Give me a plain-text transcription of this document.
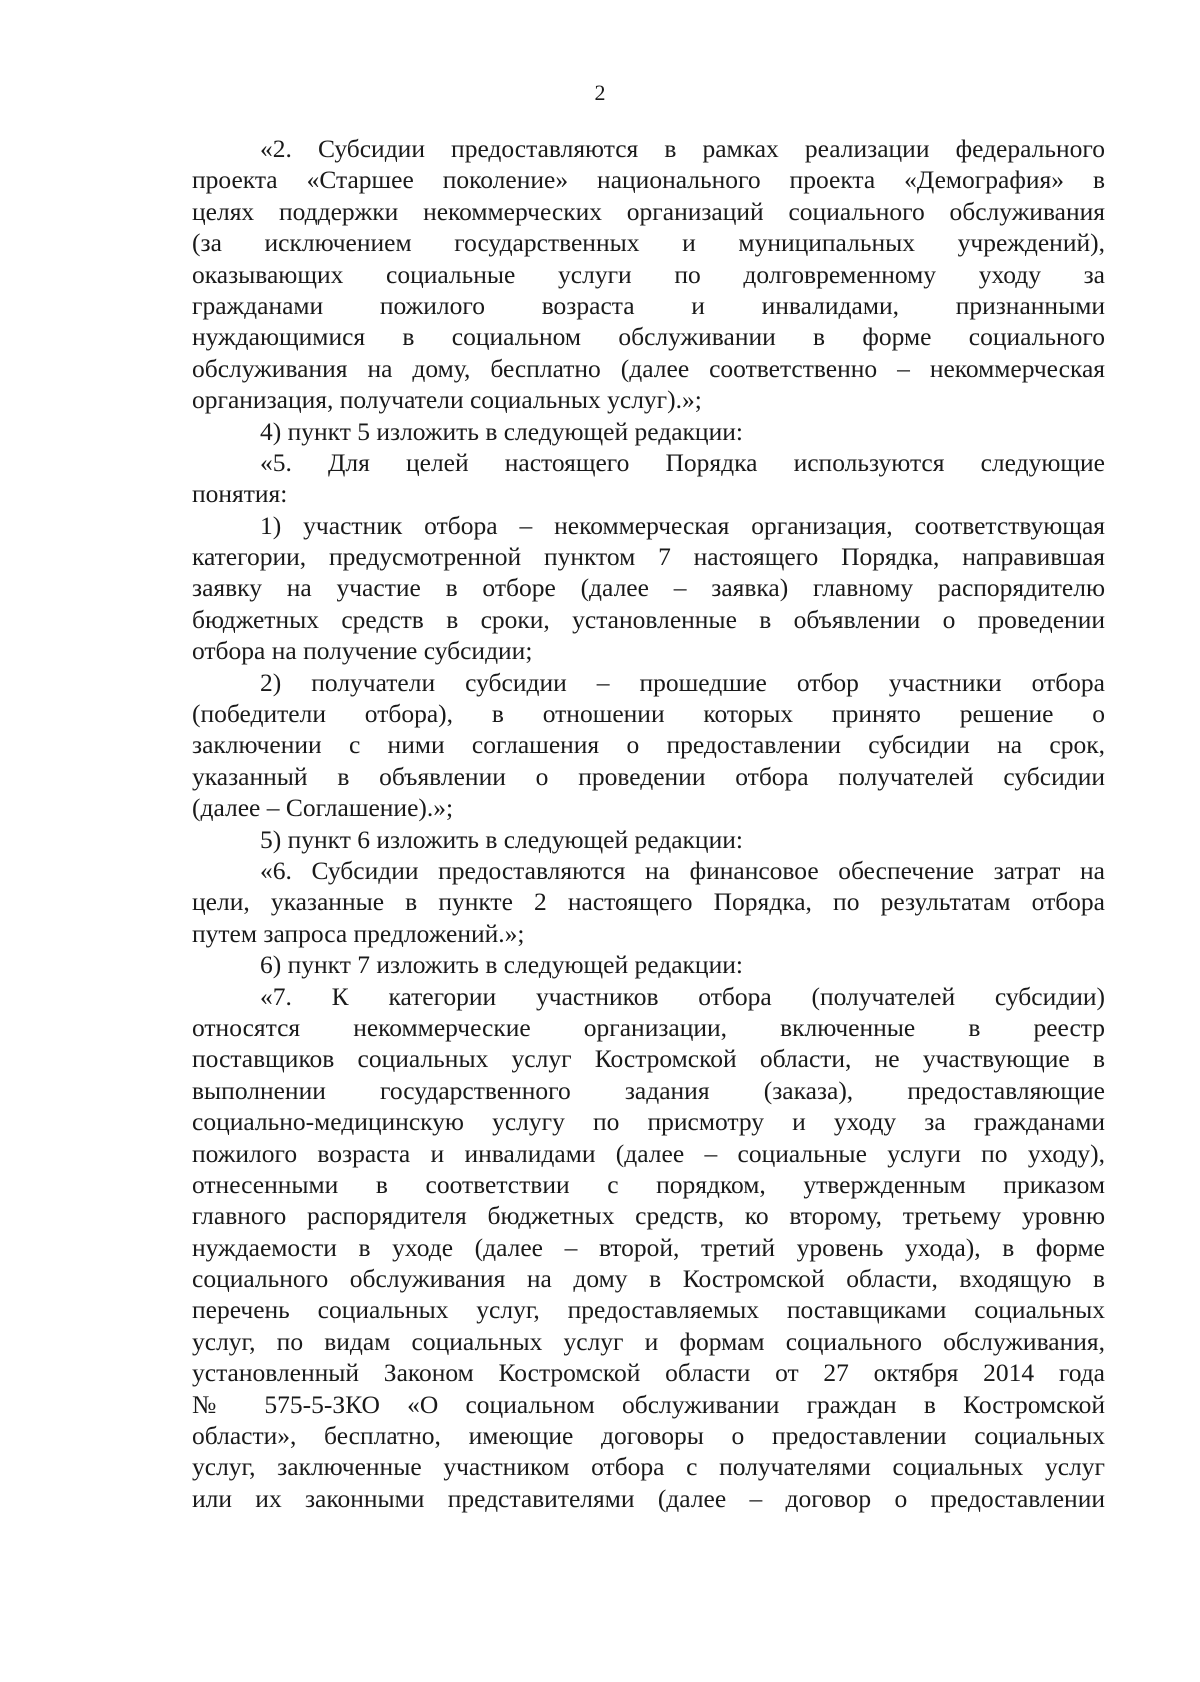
2
«2. Субсидии предоставляются в рамках реализации федерального
проекта «Старшее поколение» национального проекта «Демография» в
целях поддержки некоммерческих организаций социального обслуживания
(за исключением государственных и муниципальных учреждений),
оказывающих социальные услуги по долговременному уходу за
гражданами пожилого возраста и инвалидами, признанными
нуждающимися в социальном обслуживании в форме социального
обслуживания на дому, бесплатно (далее соответственно – некоммерческая
организация, получатели социальных услуг).»;
4) пункт 5 изложить в следующей редакции:
«5. Для целей настоящего Порядка используются следующие
понятия:
1) участник отбора – некоммерческая организация, соответствующая
категории, предусмотренной пунктом 7 настоящего Порядка, направившая
заявку на участие в отборе (далее – заявка) главному распорядителю
бюджетных средств в сроки, установленные в объявлении о проведении
отбора на получение субсидии;
2) получатели субсидии – прошедшие отбор участники отбора
(победители отбора), в отношении которых принято решение о
заключении с ними соглашения о предоставлении субсидии на срок,
указанный в объявлении о проведении отбора получателей субсидии
(далее – Соглашение).»;
5) пункт 6 изложить в следующей редакции:
«6. Субсидии предоставляются на финансовое обеспечение затрат на
цели, указанные в пункте 2 настоящего Порядка, по результатам отбора
путем запроса предложений.»;
6) пункт 7 изложить в следующей редакции:
«7. К категории участников отбора (получателей субсидии)
относятся некоммерческие организации, включенные в реестр
поставщиков социальных услуг Костромской области, не участвующие в
выполнении государственного задания (заказа), предоставляющие
социально-медицинскую услугу по присмотру и уходу за гражданами
пожилого возраста и инвалидами (далее – социальные услуги по уходу),
отнесенными в соответствии с порядком, утвержденным приказом
главного распорядителя бюджетных средств, ко второму, третьему уровню
нуждаемости в уходе (далее – второй, третий уровень ухода), в форме
социального обслуживания на дому в Костромской области, входящую в
перечень социальных услуг, предоставляемых поставщиками социальных
услуг, по видам социальных услуг и формам социального обслуживания,
установленный Законом Костромской области от 27 октября 2014 года
№ 575-5-ЗКО «О социальном обслуживании граждан в Костромской
области», бесплатно, имеющие договоры о предоставлении социальных
услуг, заключенные участником отбора с получателями социальных услуг
или их законными представителями (далее – договор о предоставлении
